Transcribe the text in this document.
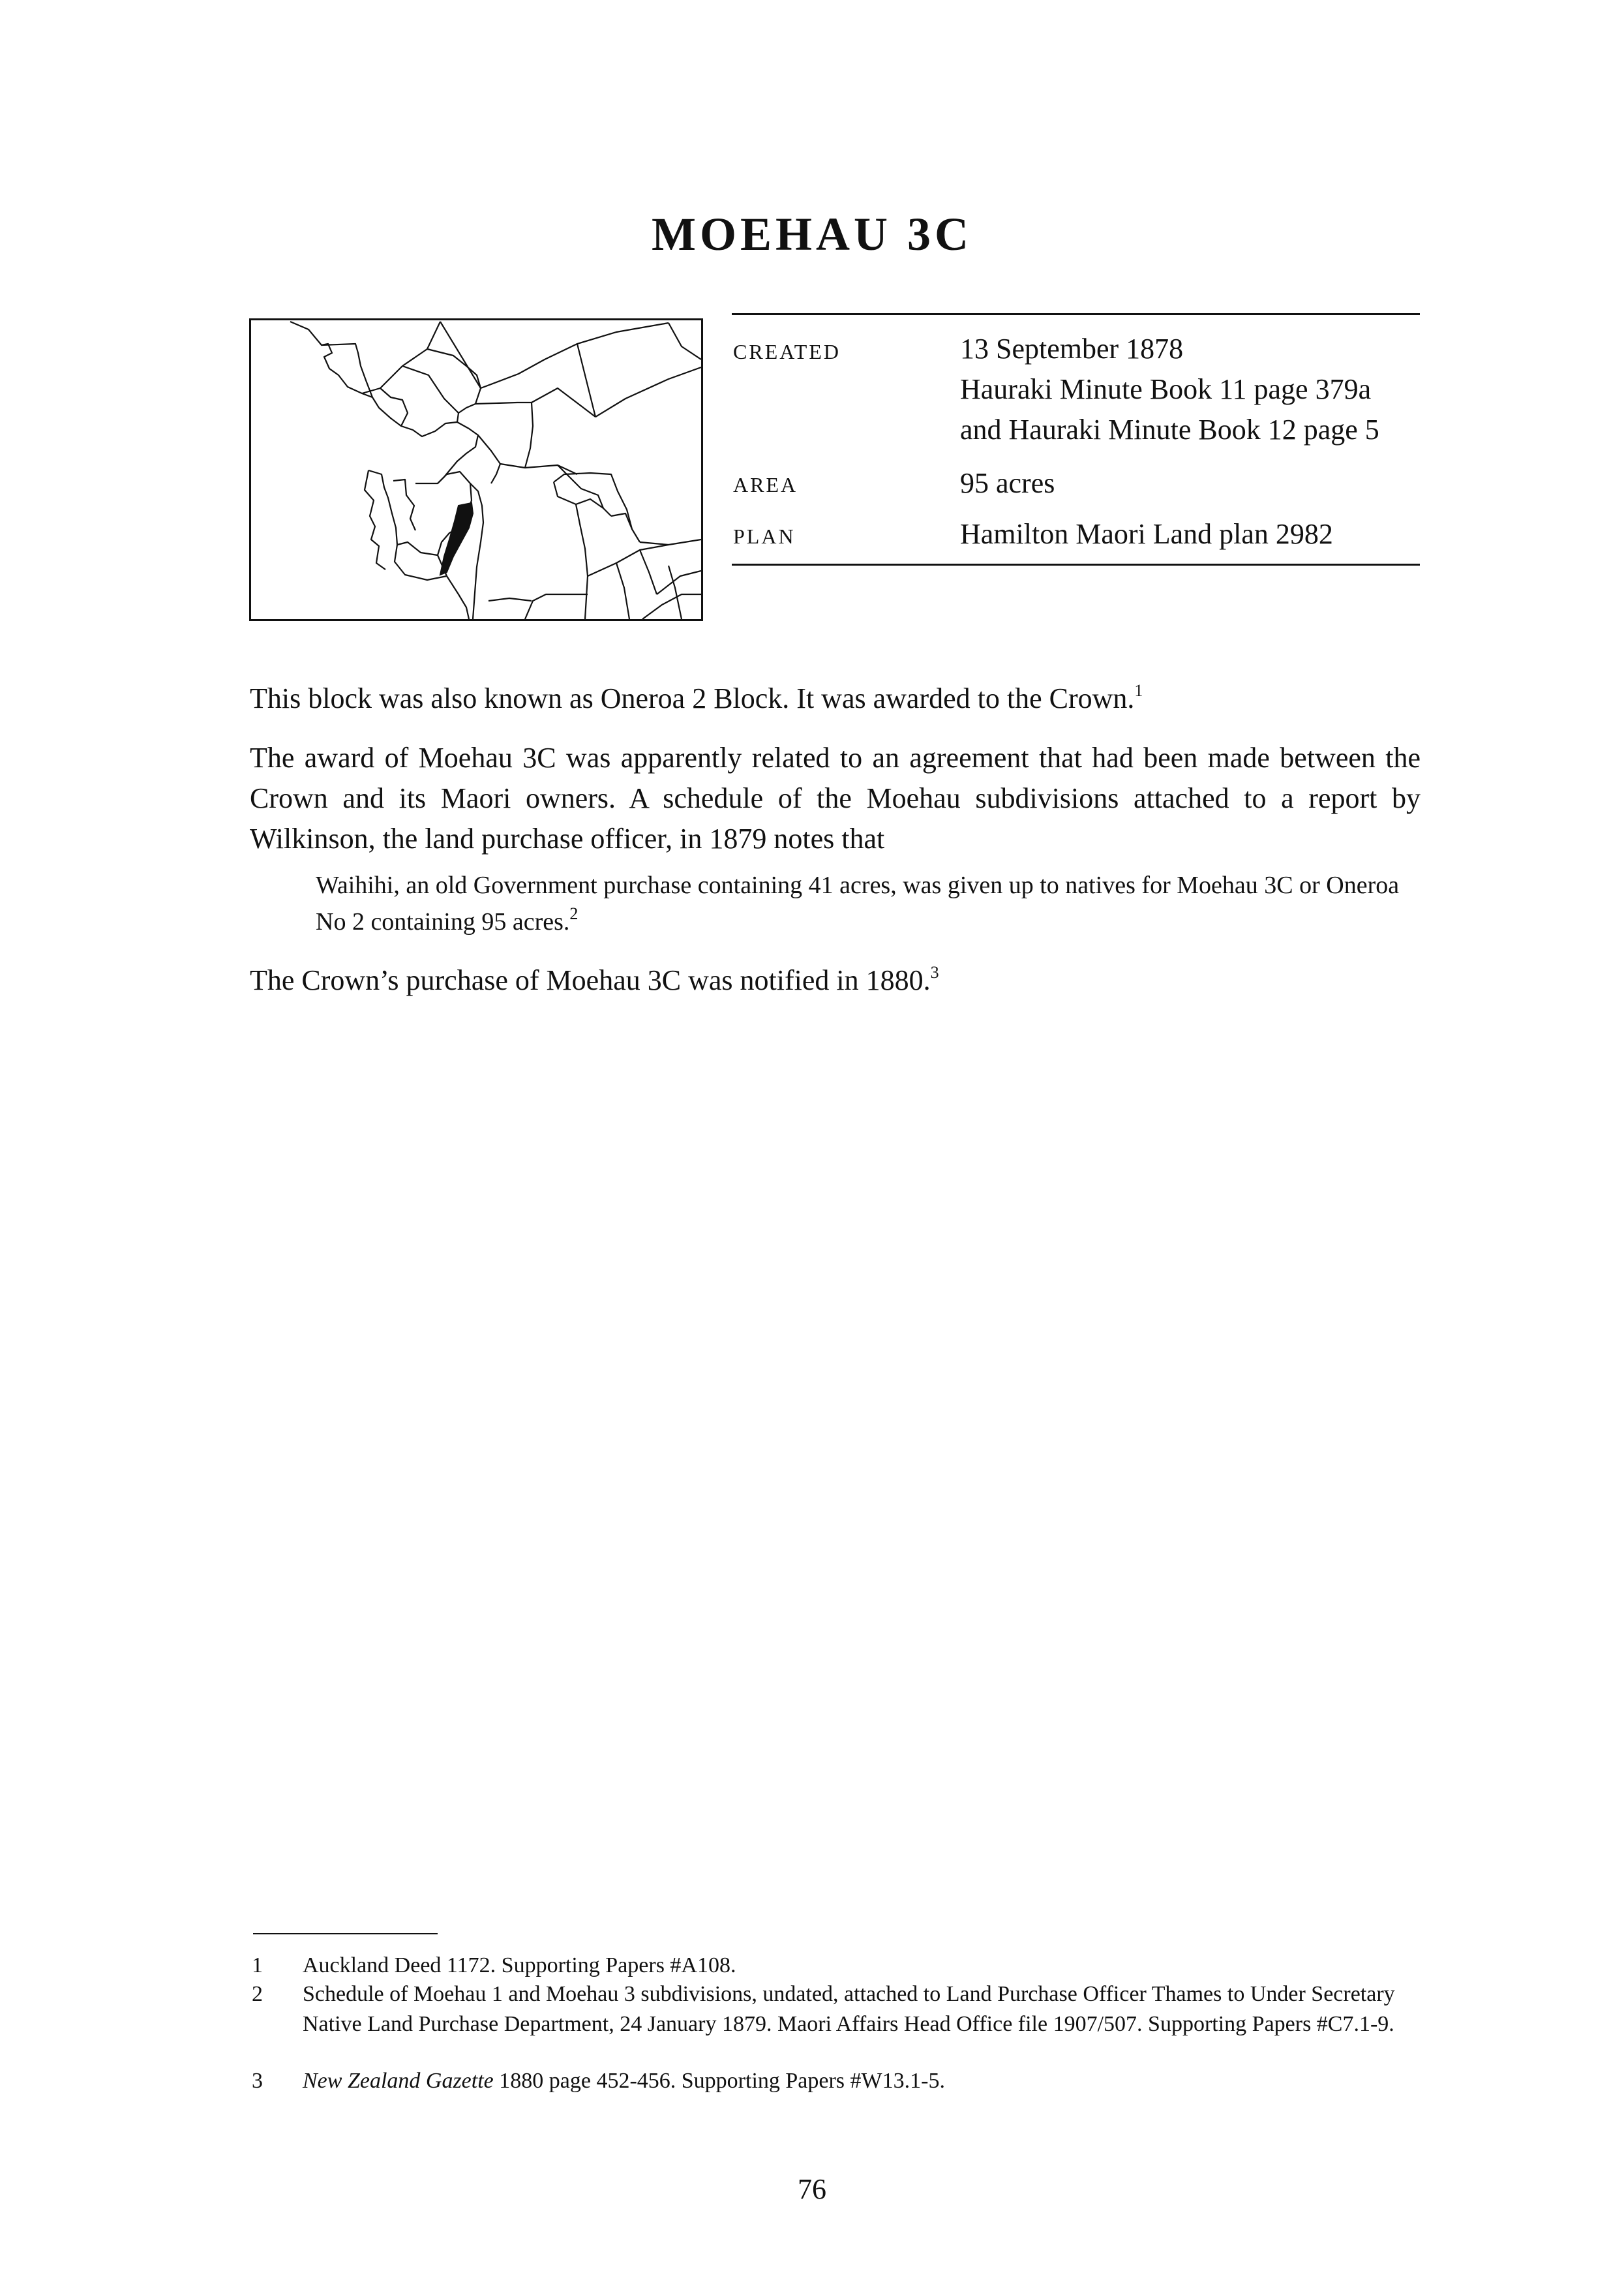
MOEHAU 3C
CREATED	13 September 1878
Hauraki Minute Book 11 page 379a
and Hauraki Minute Book 12 page 5
AREA	95 acres
PLAN	Hamilton Maori Land plan 2982
This block was also known as Oneroa 2 Block. It was awarded to the Crown.$^1$
The award of Moehau 3C was apparently related to an agreement that had been made between the Crown and its Maori owners. A schedule of the Moehau subdivisions attached to a report by Wilkinson, the land purchase officer, in 1879 notes that
Waihihi, an old Government purchase containing 41 acres, was given up to natives for Moehau 3C or Oneroa No 2 containing 95 acres.$^2$
The Crown’s purchase of Moehau 3C was notified in 1880.$^3$
1	Auckland Deed 1172. Supporting Papers #A108.
2	Schedule of Moehau 1 and Moehau 3 subdivisions, undated, attached to Land Purchase Officer Thames to Under Secretary Native Land Purchase Department, 24 January 1879. Maori Affairs Head Office file 1907/507. Supporting Papers #C7.1-9.
3	New Zealand Gazette 1880 page 452-456. Supporting Papers #W13.1-5.
76
